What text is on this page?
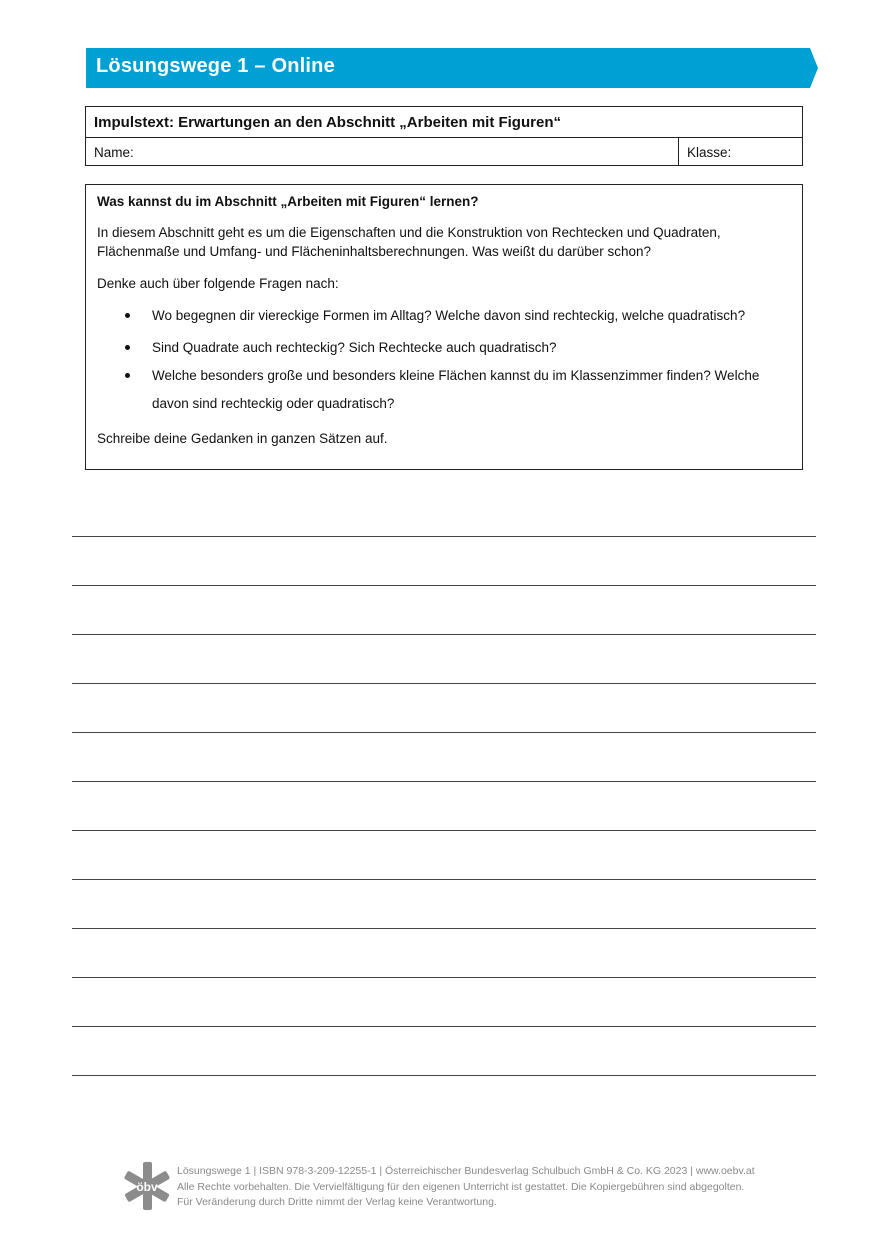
Lösungswege 1 – Online
Impulstext: Erwartungen an den Abschnitt „Arbeiten mit Figuren“
Name:	Klasse:
Was kannst du im Abschnitt „Arbeiten mit Figuren“ lernen?
In diesem Abschnitt geht es um die Eigenschaften und die Konstruktion von Rechtecken und Quadraten, Flächenmaße und Umfang- und Flächeninhaltsberechnungen. Was weißt du darüber schon?
Denke auch über folgende Fragen nach:
Wo begegnen dir viereckige Formen im Alltag? Welche davon sind rechteckig, welche quadratisch?
Sind Quadrate auch rechteckig? Sich Rechtecke auch quadratisch?
Welche besonders große und besonders kleine Flächen kannst du im Klassenzimmer finden? Welche davon sind rechteckig oder quadratisch?
Schreibe deine Gedanken in ganzen Sätzen auf.
öbv
Lösungswege 1 | ISBN 978-3-209-12255-1 | Österreichischer Bundesverlag Schulbuch GmbH & Co. KG 2023 | www.oebv.at
Alle Rechte vorbehalten. Die Vervielfältigung für den eigenen Unterricht ist gestattet. Die Kopiergebühren sind abgegolten.
Für Veränderung durch Dritte nimmt der Verlag keine Verantwortung.
